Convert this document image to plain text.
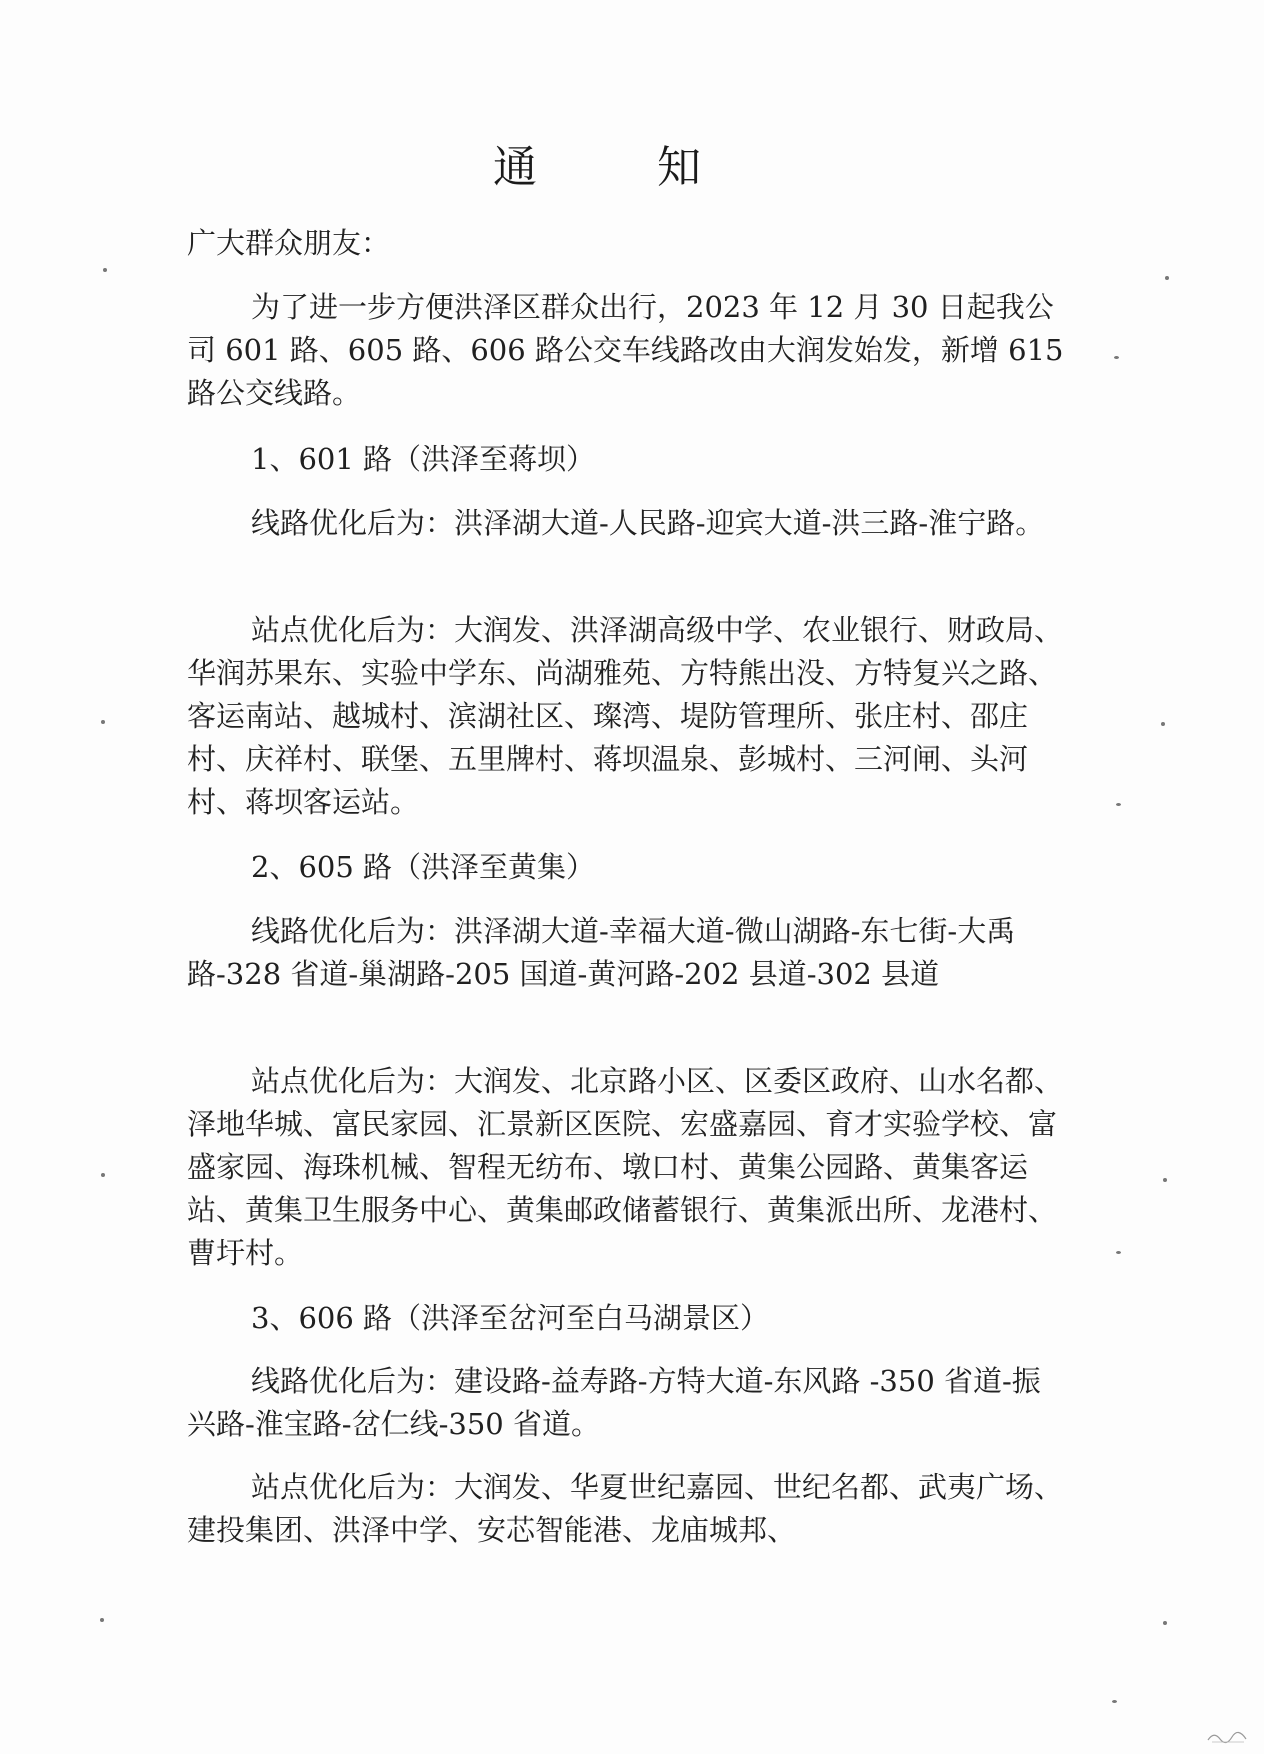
通　知

广大群众朋友：

为了进一步方便洪泽区群众出行，2023 年 12 月 30 日起我公司 601 路、605 路、606 路公交车线路改由大润发始发，新增 615 路公交线路。

1、601 路（洪泽至蒋坝）

线路优化后为：洪泽湖大道-人民路-迎宾大道-洪三路-淮宁路。

站点优化后为：大润发、洪泽湖高级中学、农业银行、财政局、华润苏果东、实验中学东、尚湖雅苑、方特熊出没、方特复兴之路、客运南站、越城村、滨湖社区、璨湾、堤防管理所、张庄村、邵庄村、庆祥村、联堡、五里牌村、蒋坝温泉、彭城村、三河闸、头河村、蒋坝客运站。

2、605 路（洪泽至黄集）

线路优化后为：洪泽湖大道-幸福大道-微山湖路-东七街-大禹路-328 省道-巢湖路-205 国道-黄河路-202 县道-302 县道

站点优化后为：大润发、北京路小区、区委区政府、山水名都、泽地华城、富民家园、汇景新区医院、宏盛嘉园、育才实验学校、富盛家园、海珠机械、智程无纺布、墩口村、黄集公园路、黄集客运站、黄集卫生服务中心、黄集邮政储蓄银行、黄集派出所、龙港村、曹圩村。

3、606 路（洪泽至岔河至白马湖景区）

线路优化后为：建设路-益寿路-方特大道-东风路 -350 省道-振兴路-淮宝路-岔仁线-350 省道。

站点优化后为：大润发、华夏世纪嘉园、世纪名都、武夷广场、建投集团、洪泽中学、安芯智能港、龙庙城邦、
